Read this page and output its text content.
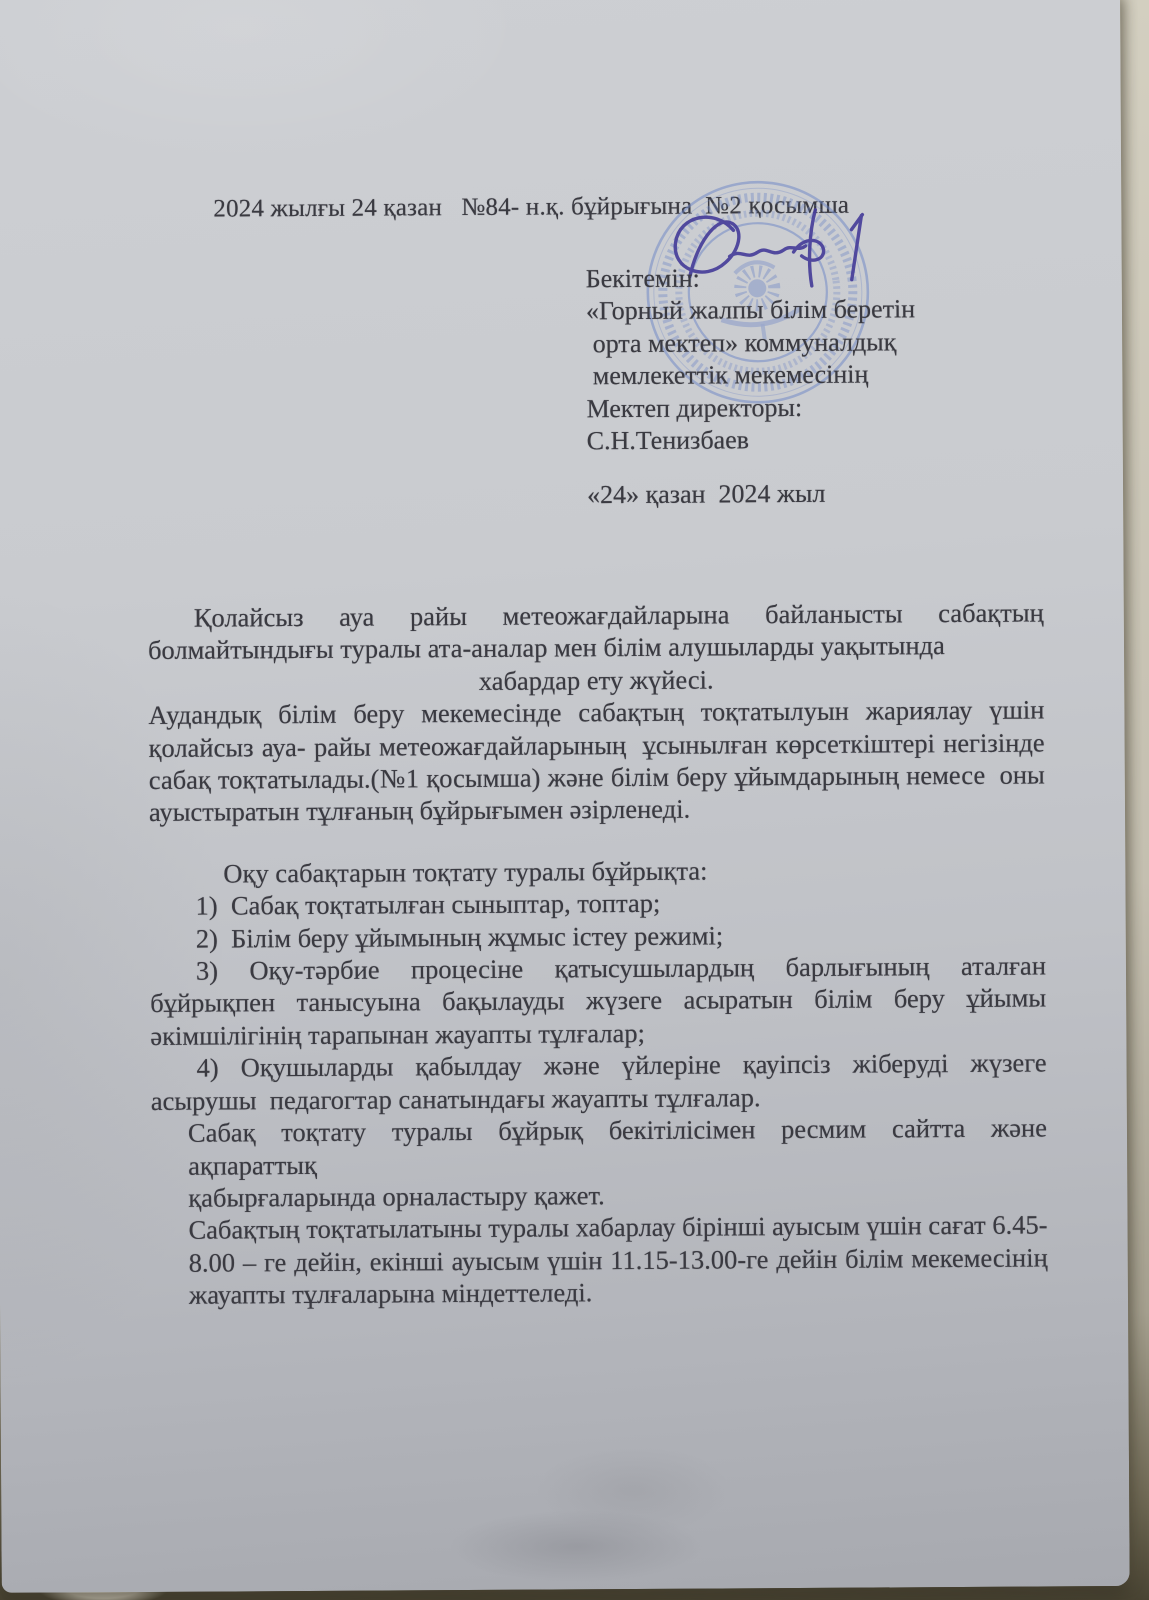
2024 жылғы 24 қазан   №84- н.қ. бұйрығына  №2 қосымша
Бекітемін:
«Горный жалпы білім беретін
орта мектеп» коммуналдық
мемлекеттік мекемесінің
Мектеп директоры:
С.Н.Тенизбаев
«24» қазан  2024 жыл
Қолайсыз ауа райы метеожағдайларына байланысты сабақтың
болмайтындығы туралы ата-аналар мен білім алушыларды уақытында
хабардар ету жүйесі.
Аудандық білім беру мекемесінде сабақтың тоқтатылуын жариялау үшін
қолайсыз ауа- райы метеожағдайларының  ұсынылған көрсеткіштері негізінде
сабақ тоқтатылады.(№1 қосымша) және білім беру ұйымдарының немесе  оны
ауыстыратын тұлғаның бұйрығымен әзірленеді.
Оқу сабақтарын тоқтату туралы бұйрықта:
1)  Сабақ тоқтатылған сыныптар, топтар;
2)  Білім беру ұйымының жұмыс істеу режимі;
3) Оқу-тәрбие процесіне қатысушылардың барлығының аталған
бұйрықпен танысуына бақылауды жүзеге асыратын білім беру ұйымы
әкімшілігінің тарапынан жауапты тұлғалар;
4) Оқушыларды қабылдау және үйлеріне қауіпсіз жіберуді жүзеге
асырушы  педагогтар санатындағы жауапты тұлғалар.
Сабақ тоқтату туралы бұйрық бекітілісімен ресмим сайтта және ақпараттық
қабырғаларында орналастыру қажет.
Сабақтың тоқтатылатыны туралы хабарлау бірінші ауысым үшін сағат 6.45-
8.00 – ге дейін, екінші ауысым үшін 11.15-13.00-ге дейін білім мекемесінің
жауапты тұлғаларына міндеттеледі.
